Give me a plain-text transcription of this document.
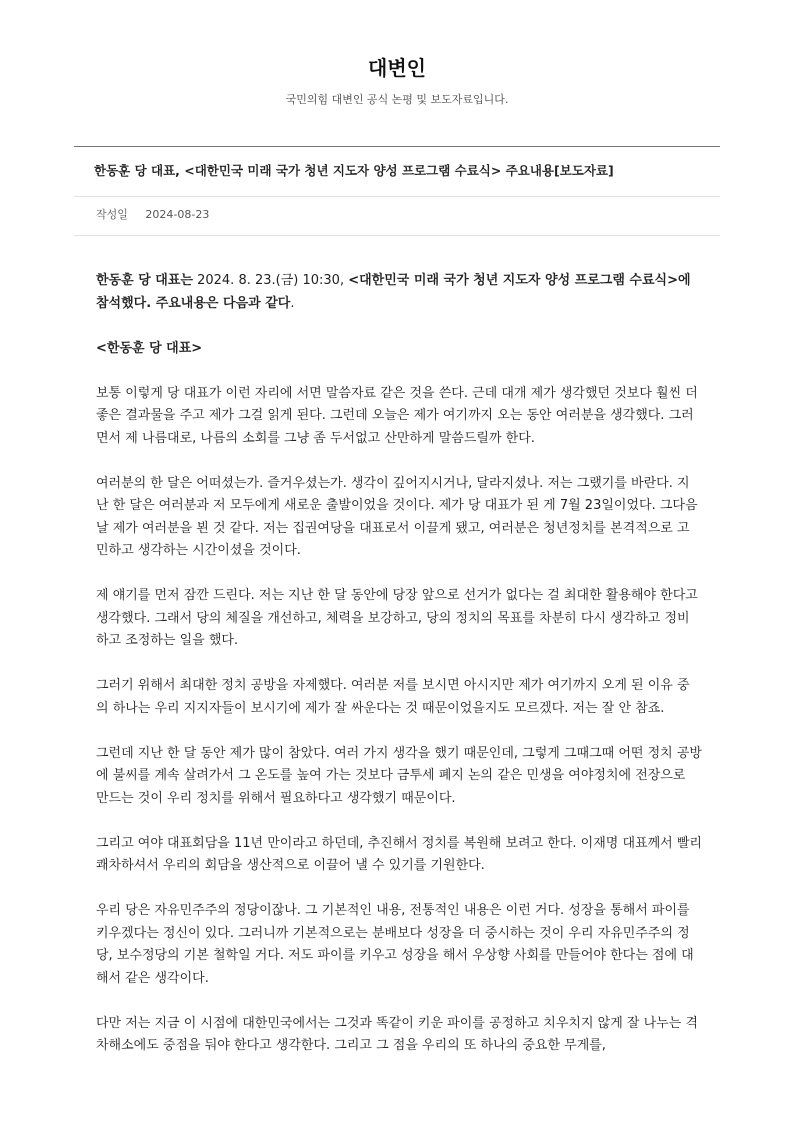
대변인

국민의힘 대변인 공식 논평 및 보도자료입니다.

한동훈 당 대표, <대한민국 미래 국가 청년 지도자 양성 프로그램 수료식> 주요내용[보도자료]
작성일 2024-08-23

한동훈 당 대표는 2024. 8. 23.(금) 10:30, <대한민국 미래 국가 청년 지도자 양성 프로그램 수료식>에 참석했다. 주요내용은 다음과 같다.

<한동훈 당 대표>

보통 이렇게 당 대표가 이런 자리에 서면 말씀자료 같은 것을 쓴다. 근데 대개 제가 생각했던 것보다 훨씬 더 좋은 결과물을 주고 제가 그걸 읽게 된다. 그런데 오늘은 제가 여기까지 오는 동안 여러분을 생각했다. 그러면서 제 나름대로, 나름의 소회를 그냥 좀 두서없고 산만하게 말씀드릴까 한다.

여러분의 한 달은 어떠셨는가. 즐거우셨는가. 생각이 깊어지시거나, 달라지셨나. 저는 그랬기를 바란다. 지난 한 달은 여러분과 저 모두에게 새로운 출발이었을 것이다. 제가 당 대표가 된 게 7월 23일이었다. 그다음 날 제가 여러분을 뵌 것 같다. 저는 집권여당을 대표로서 이끌게 됐고, 여러분은 청년정치를 본격적으로 고민하고 생각하는 시간이셨을 것이다.

제 얘기를 먼저 잠깐 드린다. 저는 지난 한 달 동안에 당장 앞으로 선거가 없다는 걸 최대한 활용해야 한다고 생각했다. 그래서 당의 체질을 개선하고, 체력을 보강하고, 당의 정치의 목표를 차분히 다시 생각하고 정비하고 조정하는 일을 했다.

그러기 위해서 최대한 정치 공방을 자제했다. 여러분 저를 보시면 아시지만 제가 여기까지 오게 된 이유 중의 하나는 우리 지지자들이 보시기에 제가 잘 싸운다는 것 때문이었을지도 모르겠다. 저는 잘 안 참죠.

그런데 지난 한 달 동안 제가 많이 참았다. 여러 가지 생각을 했기 때문인데, 그렇게 그때그때 어떤 정치 공방에 불씨를 계속 살려가서 그 온도를 높여 가는 것보다 금투세 폐지 논의 같은 민생을 여야정치에 전장으로 만드는 것이 우리 정치를 위해서 필요하다고 생각했기 때문이다.

그리고 여야 대표회담을 11년 만이라고 하던데, 추진해서 정치를 복원해 보려고 한다. 이재명 대표께서 빨리 쾌차하셔서 우리의 회담을 생산적으로 이끌어 낼 수 있기를 기원한다.

우리 당은 자유민주주의 정당이잖나. 그 기본적인 내용, 전통적인 내용은 이런 거다. 성장을 통해서 파이를 키우겠다는 정신이 있다. 그러니까 기본적으로는 분배보다 성장을 더 중시하는 것이 우리 자유민주주의 정당, 보수정당의 기본 철학일 거다. 저도 파이를 키우고 성장을 해서 우상향 사회를 만들어야 한다는 점에 대해서 같은 생각이다.

다만 저는 지금 이 시점에 대한민국에서는 그것과 똑같이 키운 파이를 공정하고 치우치지 않게 잘 나누는 격차해소에도 중점을 둬야 한다고 생각한다. 그리고 그 점을 우리의 또 하나의 중요한 무게를,
